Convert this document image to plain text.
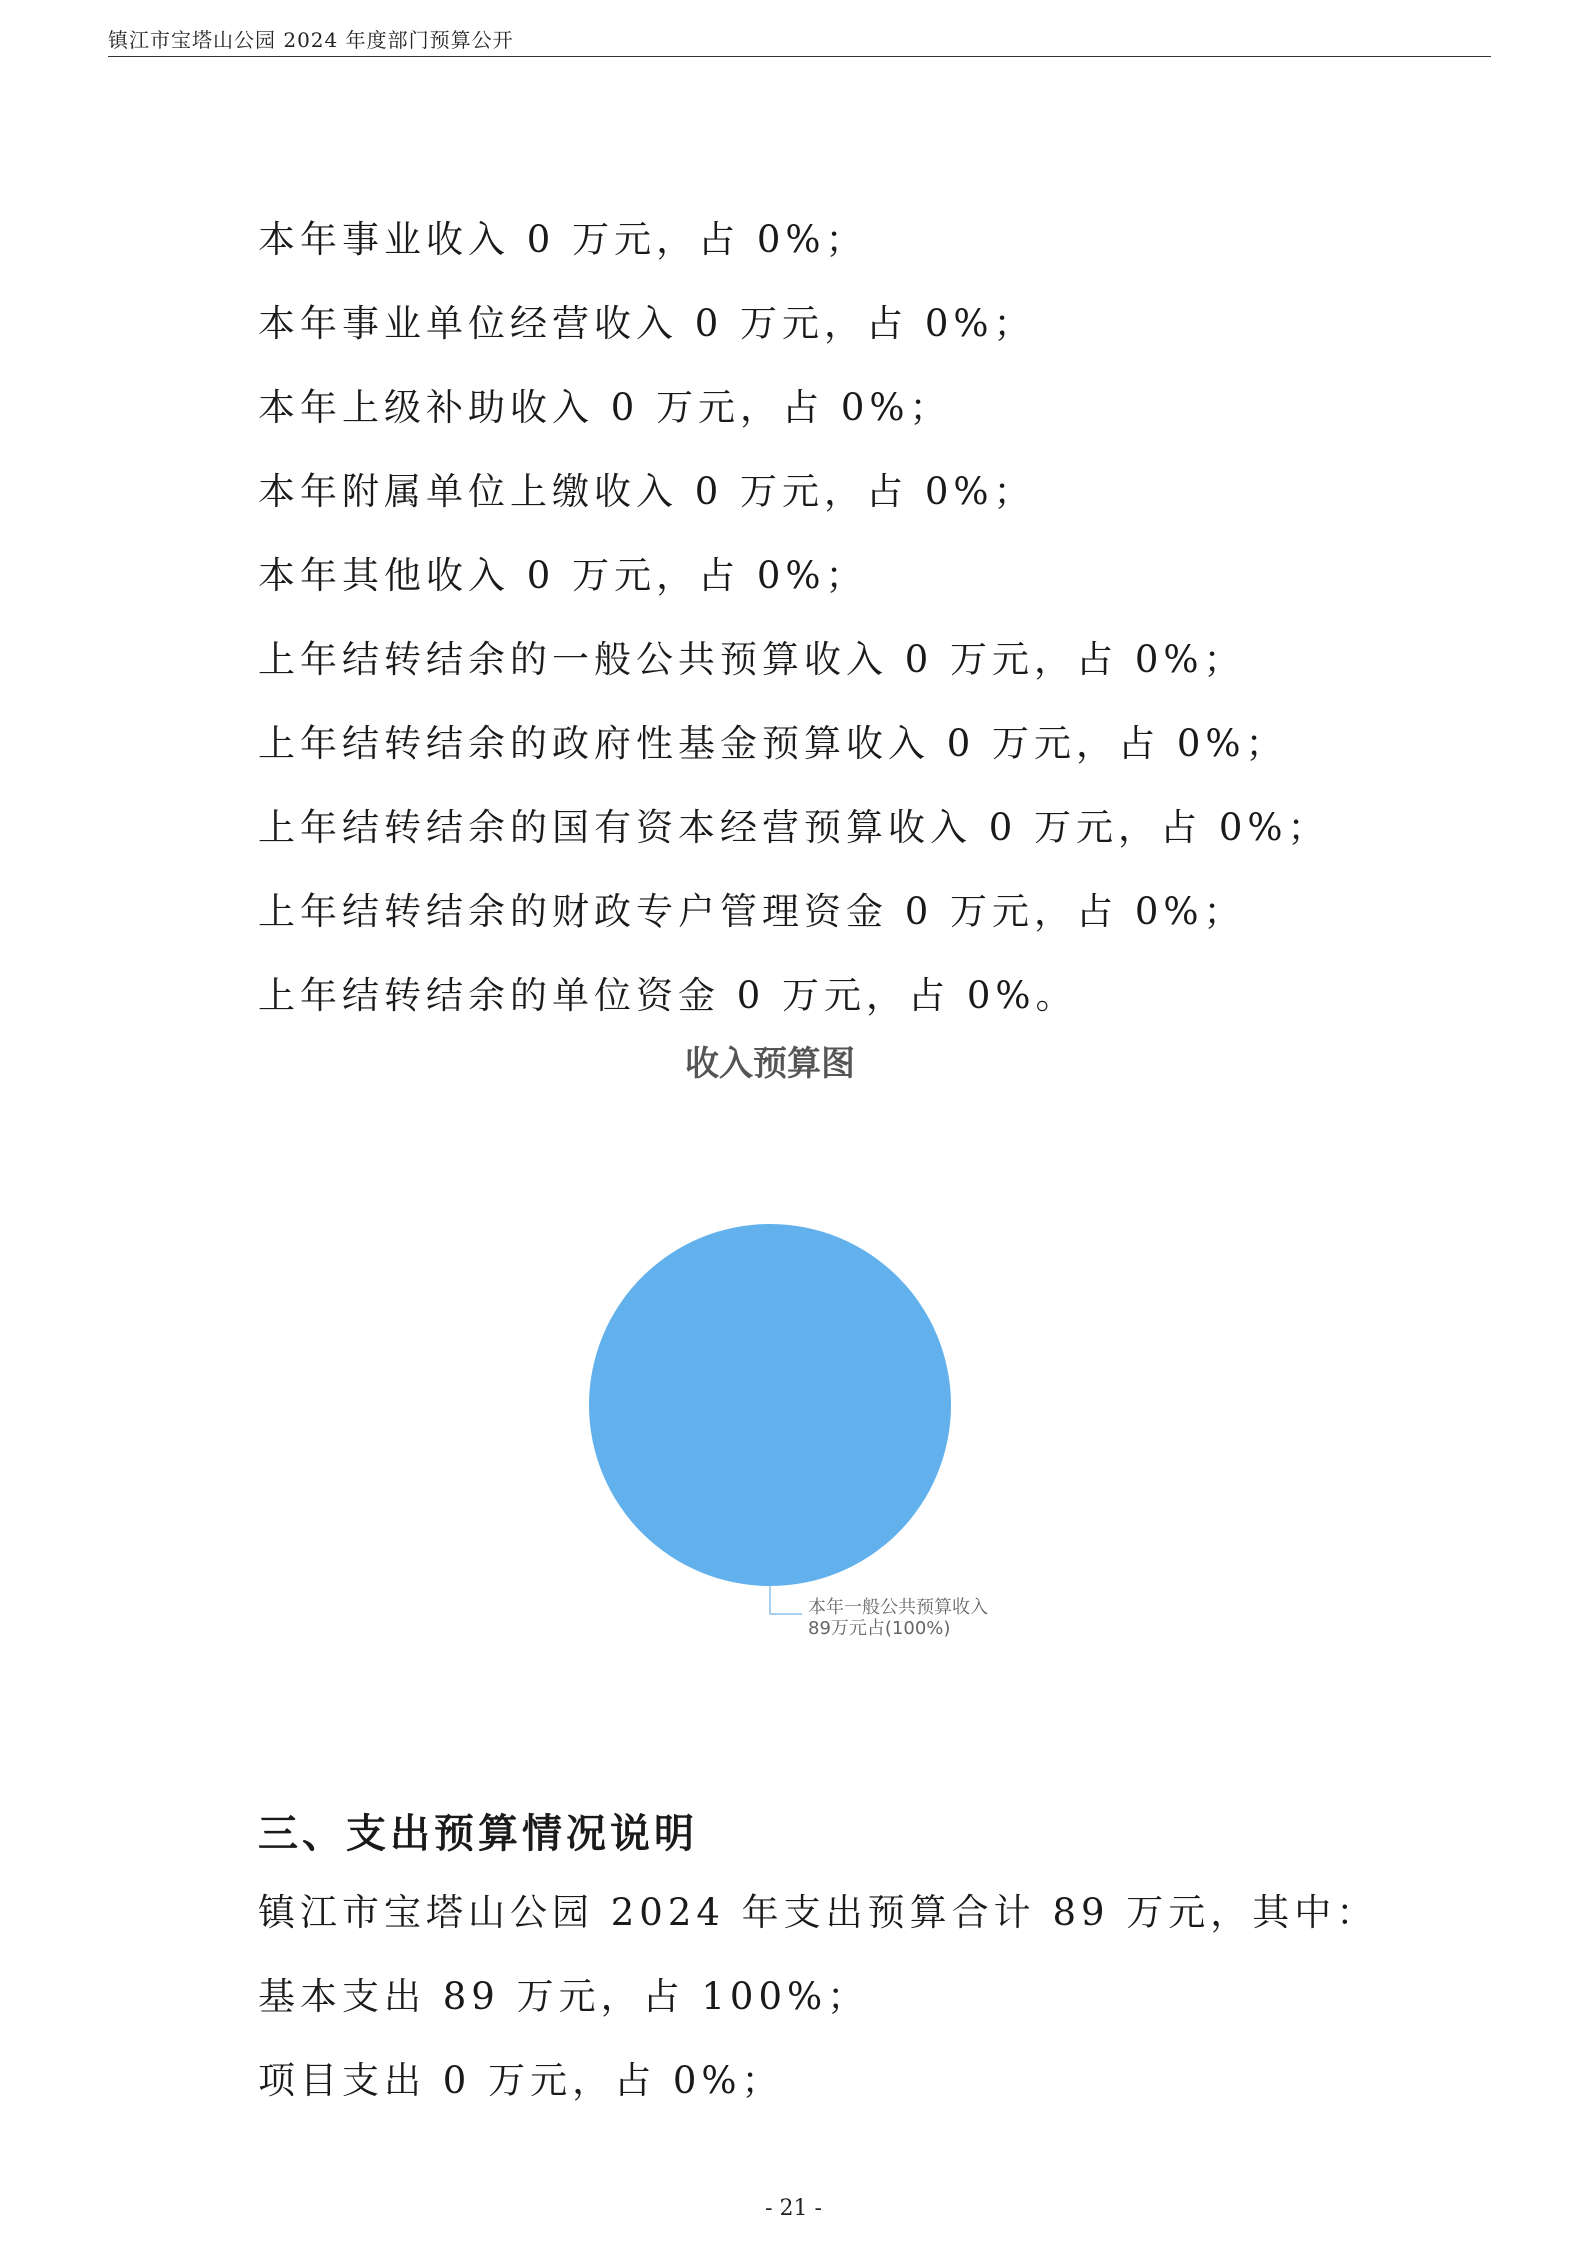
镇江市宝塔山公园 2024 年度部门预算公开
本年事业收入 0 万元，占 0%；
本年事业单位经营收入 0 万元，占 0%；
本年上级补助收入 0 万元，占 0%；
本年附属单位上缴收入 0 万元，占 0%；
本年其他收入 0 万元，占 0%；
上年结转结余的一般公共预算收入 0 万元，占 0%；
上年结转结余的政府性基金预算收入 0 万元，占 0%；
上年结转结余的国有资本经营预算收入 0 万元，占 0%；
上年结转结余的财政专户管理资金 0 万元，占 0%；
上年结转结余的单位资金 0 万元，占 0%。
收入预算图
本年一般公共预算收入
89万元占(100%)
三、支出预算情况说明
镇江市宝塔山公园 2024 年支出预算合计 89 万元，其中：
基本支出 89 万元，占 100%；
项目支出 0 万元，占 0%；
- 21 -
